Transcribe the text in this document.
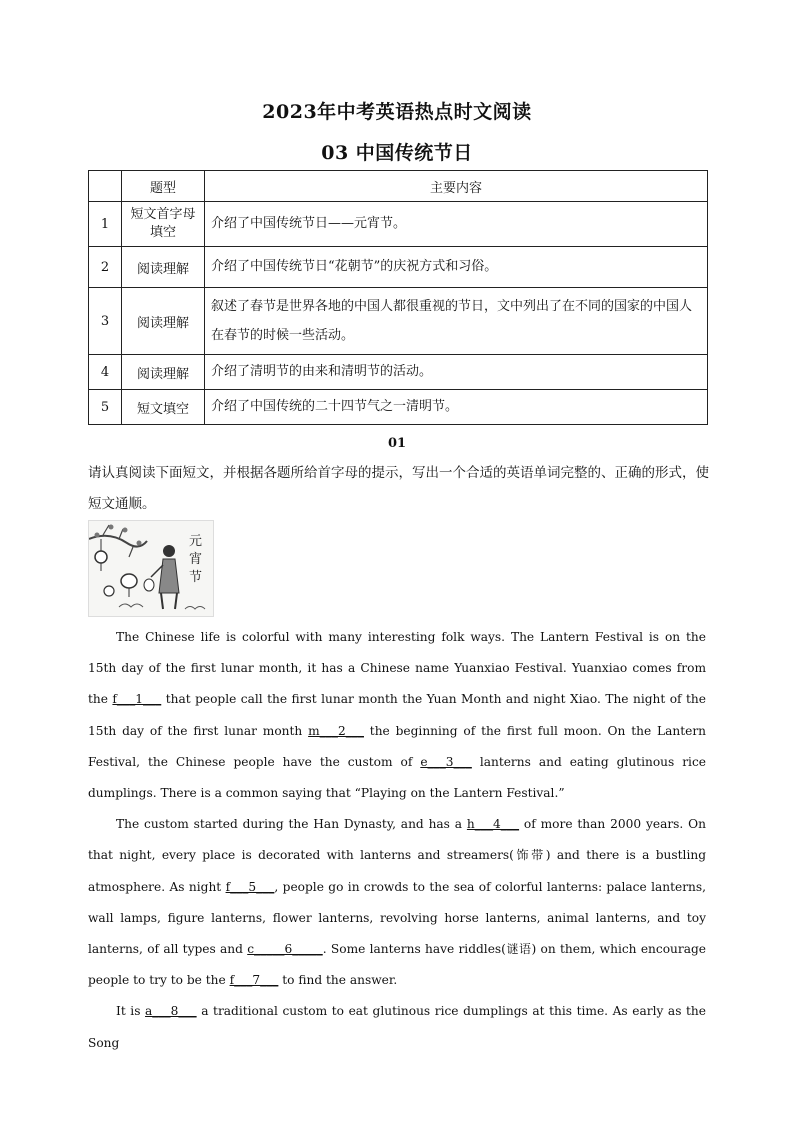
2023年中考英语热点时文阅读
03 中国传统节日
	题型	主要内容
1	短文首字母填空	介绍了中国传统节日——元宵节。
2	阅读理解	介绍了中国传统节日“花朝节”的庆祝方式和习俗。
3	阅读理解	叙述了春节是世界各地的中国人都很重视的节日，文中列出了在不同的国家的中国人在春节的时候一些活动。
4	阅读理解	介绍了清明节的由来和清明节的活动。
5	短文填空	介绍了中国传统的二十四节气之一清明节。
01
请认真阅读下面短文，并根据各题所给首字母的提示，写出一个合适的英语单词完整的、正确的形式，使短文通顺。
元
宵
节

The Chinese life is colorful with many interesting folk ways. The Lantern Festival is on the 15th day of the first lunar month, it has a Chinese name Yuanxiao Festival. Yuanxiao comes from the f___1___ that people call the first lunar month the Yuan Month and night Xiao. The night of the 15th day of the first lunar month m___2___ the beginning of the first full moon. On the Lantern Festival, the Chinese people have the custom of e___3___ lanterns and eating glutinous rice dumplings. There is a common saying that “Playing on the Lantern Festival.”

The custom started during the Han Dynasty, and has a h___4___ of more than 2000 years. On that night, every place is decorated with lanterns and streamers(饰带) and there is a bustling atmosphere. As night f___5___, people go in crowds to the sea of colorful lanterns: palace lanterns, wall lamps, figure lanterns, flower lanterns, revolving horse lanterns, animal lanterns, and toy lanterns, of all types and c_____6_____. Some lanterns have riddles(谜语) on them, which encourage people to try to be the f___7___ to find the answer.

It is a___8___ a traditional custom to eat glutinous rice dumplings at this time. As early as the Song
